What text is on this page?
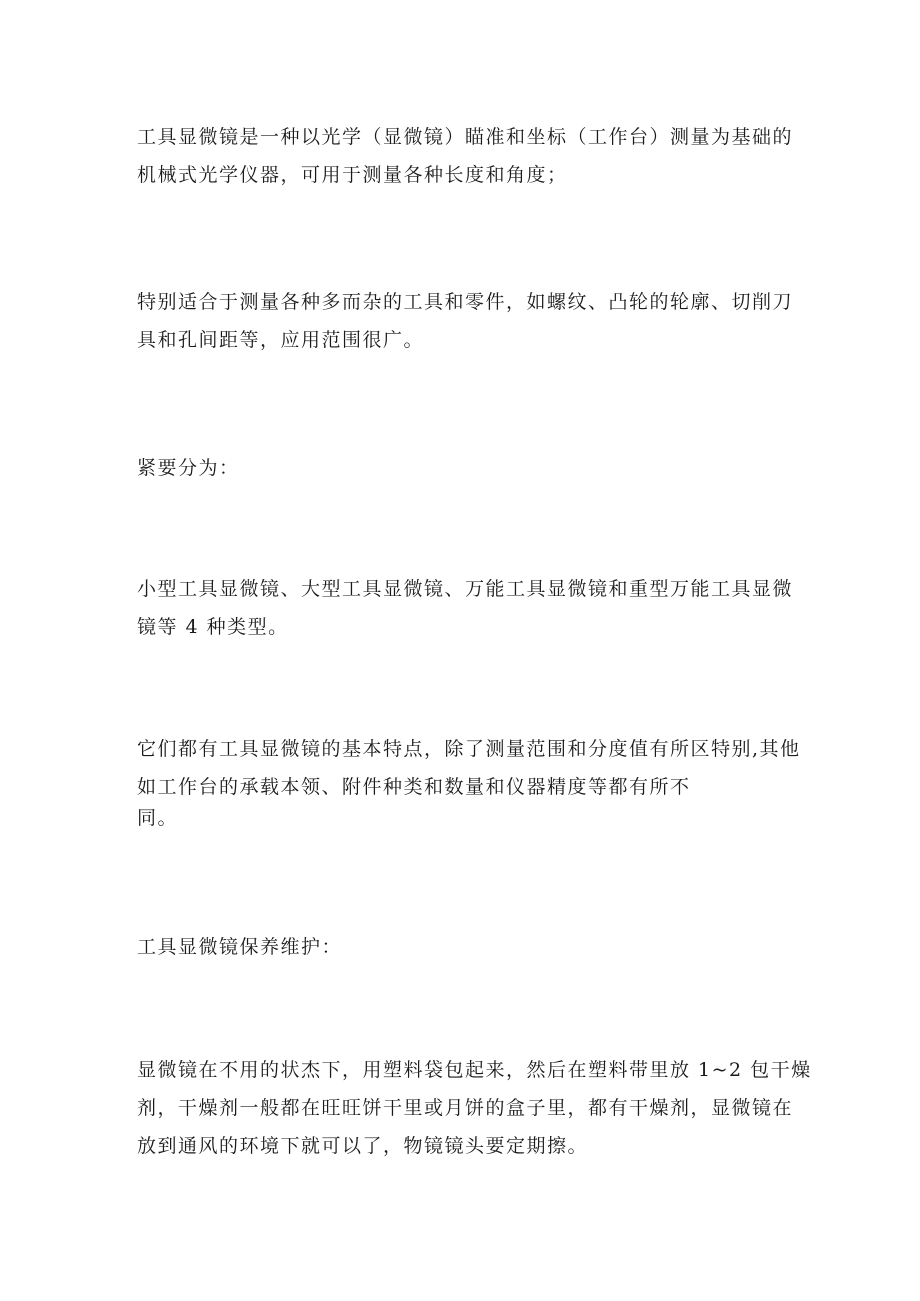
工具显微镜是一种以光学（显微镜）瞄准和坐标（工作台）测量为基础的
机械式光学仪器，可用于测量各种长度和角度；

特别适合于测量各种多而杂的工具和零件，如螺纹、凸轮的轮廓、切削刀
具和孔间距等，应用范围很广。

紧要分为：

小型工具显微镜、大型工具显微镜、万能工具显微镜和重型万能工具显微
镜等 4 种类型。

它们都有工具显微镜的基本特点，除了测量范围和分度值有所区特别,其他
如工作台的承载本领、附件种类和数量和仪器精度等都有所不
同。

工具显微镜保养维护：

显微镜在不用的状杰下，用塑料袋包起来，然后在塑料带里放 1~2 包干燥
剂，干燥剂一般都在旺旺饼干里或月饼的盒子里，都有干燥剂，显微镜在
放到通风的环境下就可以了，物镜镜头要定期擦。
